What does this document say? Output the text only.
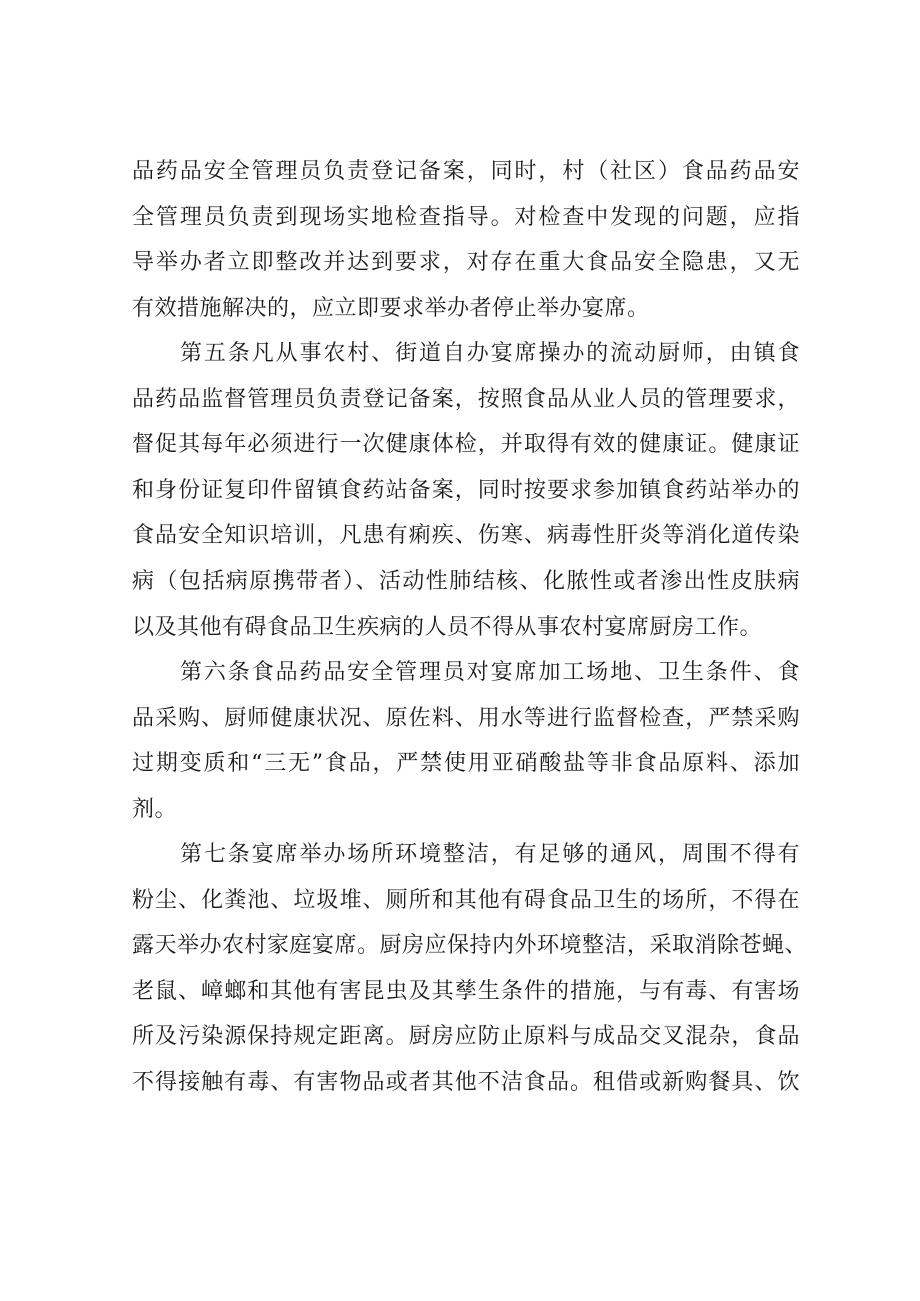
品药品安全管理员负责登记备案，同时，村（社区）食品药品安
全管理员负责到现场实地检查指导。对检查中发现的问题，应指
导举办者立即整改并达到要求，对存在重大食品安全隐患，又无
有效措施解决的，应立即要求举办者停止举办宴席。
第五条凡从事农村、街道自办宴席操办的流动厨师，由镇食
品药品监督管理员负责登记备案，按照食品从业人员的管理要求，
督促其每年必须进行一次健康体检，并取得有效的健康证。健康证
和身份证复印件留镇食药站备案，同时按要求参加镇食药站举办的
食品安全知识培训，凡患有痢疾、伤寒、病毒性肝炎等消化道传染
病（包括病原携带者）、活动性肺结核、化脓性或者渗出性皮肤病
以及其他有碍食品卫生疾病的人员不得从事农村宴席厨房工作。
第六条食品药品安全管理员对宴席加工场地、卫生条件、食
品采购、厨师健康状况、原佐料、用水等进行监督检查，严禁采购
过期变质和“三无”食品，严禁使用亚硝酸盐等非食品原料、添加
剂。
第七条宴席举办场所环境整洁，有足够的通风，周围不得有
粉尘、化粪池、垃圾堆、厕所和其他有碍食品卫生的场所，不得在
露天举办农村家庭宴席。厨房应保持内外环境整洁，采取消除苍蝇、
老鼠、嶂螂和其他有害昆虫及其孳生条件的措施，与有毒、有害场
所及污染源保持规定距离。厨房应防止原料与成品交叉混杂，食品
不得接触有毒、有害物品或者其他不洁食品。租借或新购餐具、饮
